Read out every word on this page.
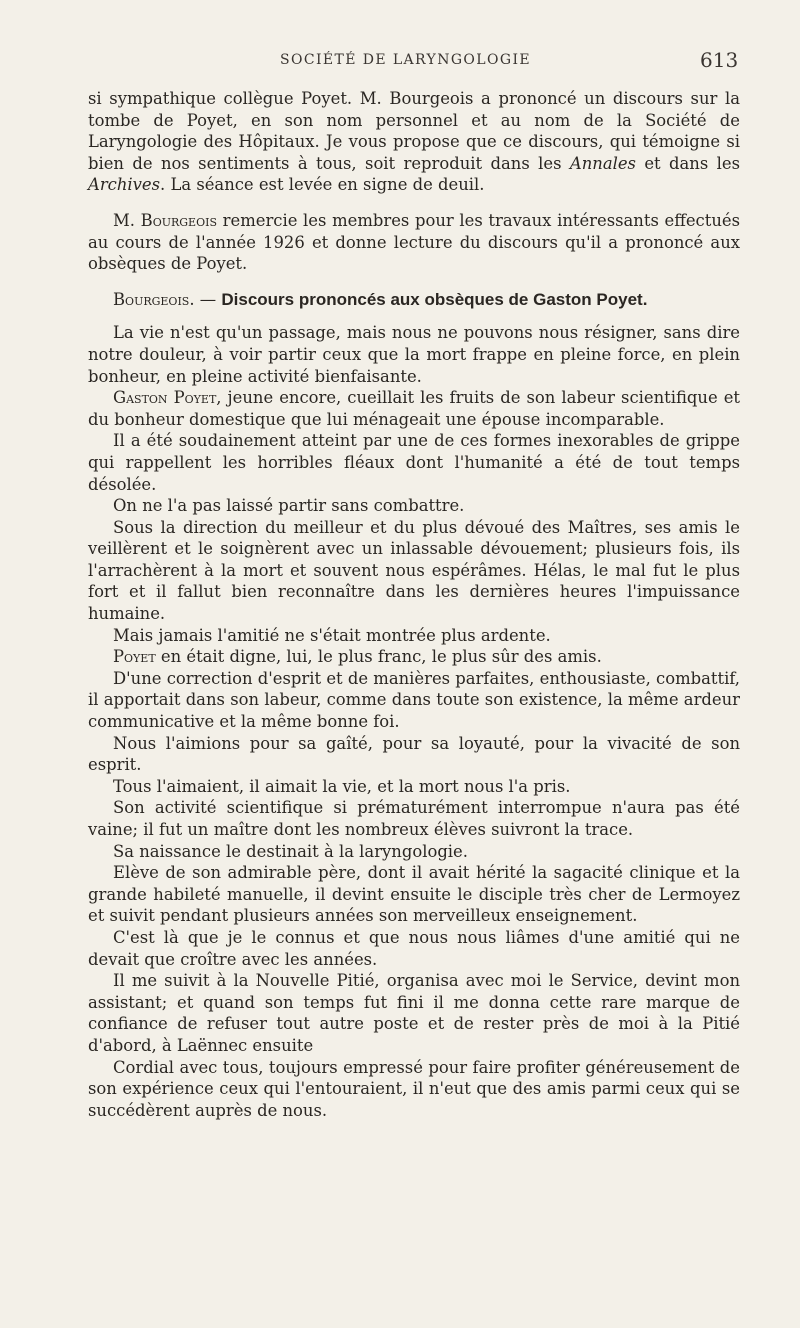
SOCIÉTÉ DE LARYNGOLOGIE	613

si sympathique collègue Poyet. M. Bourgeois a prononcé un discours sur la tombe de Poyet, en son nom personnel et au nom de la Société de Laryngologie des Hôpitaux. Je vous propose que ce discours, qui témoigne si bien de nos sentiments à tous, soit reproduit dans les Annales et dans les Archives. La séance est levée en signe de deuil.

M. Bourgeois remercie les membres pour les travaux intéressants effectués au cours de l'année 1926 et donne lecture du discours qu'il a prononcé aux obsèques de Poyet.

Bourgeois. — Discours prononcés aux obsèques de Gaston Poyet.

La vie n'est qu'un passage, mais nous ne pouvons nous résigner, sans dire notre douleur, à voir partir ceux que la mort frappe en pleine force, en plein bonheur, en pleine activité bienfaisante.

Gaston Poyet, jeune encore, cueillait les fruits de son labeur scientifique et du bonheur domestique que lui ménageait une épouse incomparable.

Il a été soudainement atteint par une de ces formes inexorables de grippe qui rappellent les horribles fléaux dont l'humanité a été de tout temps désolée.

On ne l'a pas laissé partir sans combattre.

Sous la direction du meilleur et du plus dévoué des Maîtres, ses amis le veillèrent et le soignèrent avec un inlassable dévouement; plusieurs fois, ils l'arrachèrent à la mort et souvent nous espérâmes. Hélas, le mal fut le plus fort et il fallut bien reconnaître dans les dernières heures l'impuissance humaine.

Mais jamais l'amitié ne s'était montrée plus ardente.

Poyet en était digne, lui, le plus franc, le plus sûr des amis.

D'une correction d'esprit et de manières parfaites, enthousiaste, combattif, il apportait dans son labeur, comme dans toute son existence, la même ardeur communicative et la même bonne foi.

Nous l'aimions pour sa gaîté, pour sa loyauté, pour la vivacité de son esprit.

Tous l'aimaient, il aimait la vie, et la mort nous l'a pris.

Son activité scientifique si prématurément interrompue n'aura pas été vaine; il fut un maître dont les nombreux élèves suivront la trace.

Sa naissance le destinait à la laryngologie.

Elève de son admirable père, dont il avait hérité la sagacité clinique et la grande habileté manuelle, il devint ensuite le disciple très cher de Lermoyez et suivit pendant plusieurs années son merveilleux enseignement.

C'est là que je le connus et que nous nous liâmes d'une amitié qui ne devait que croître avec les années.

Il me suivit à la Nouvelle Pitié, organisa avec moi le Service, devint mon assistant; et quand son temps fut fini il me donna cette rare marque de confiance de refuser tout autre poste et de rester près de moi à la Pitié d'abord, à Laënnec ensuite

Cordial avec tous, toujours empressé pour faire profiter généreusement de son expérience ceux qui l'entouraient, il n'eut que des amis parmi ceux qui se succédèrent auprès de nous.
